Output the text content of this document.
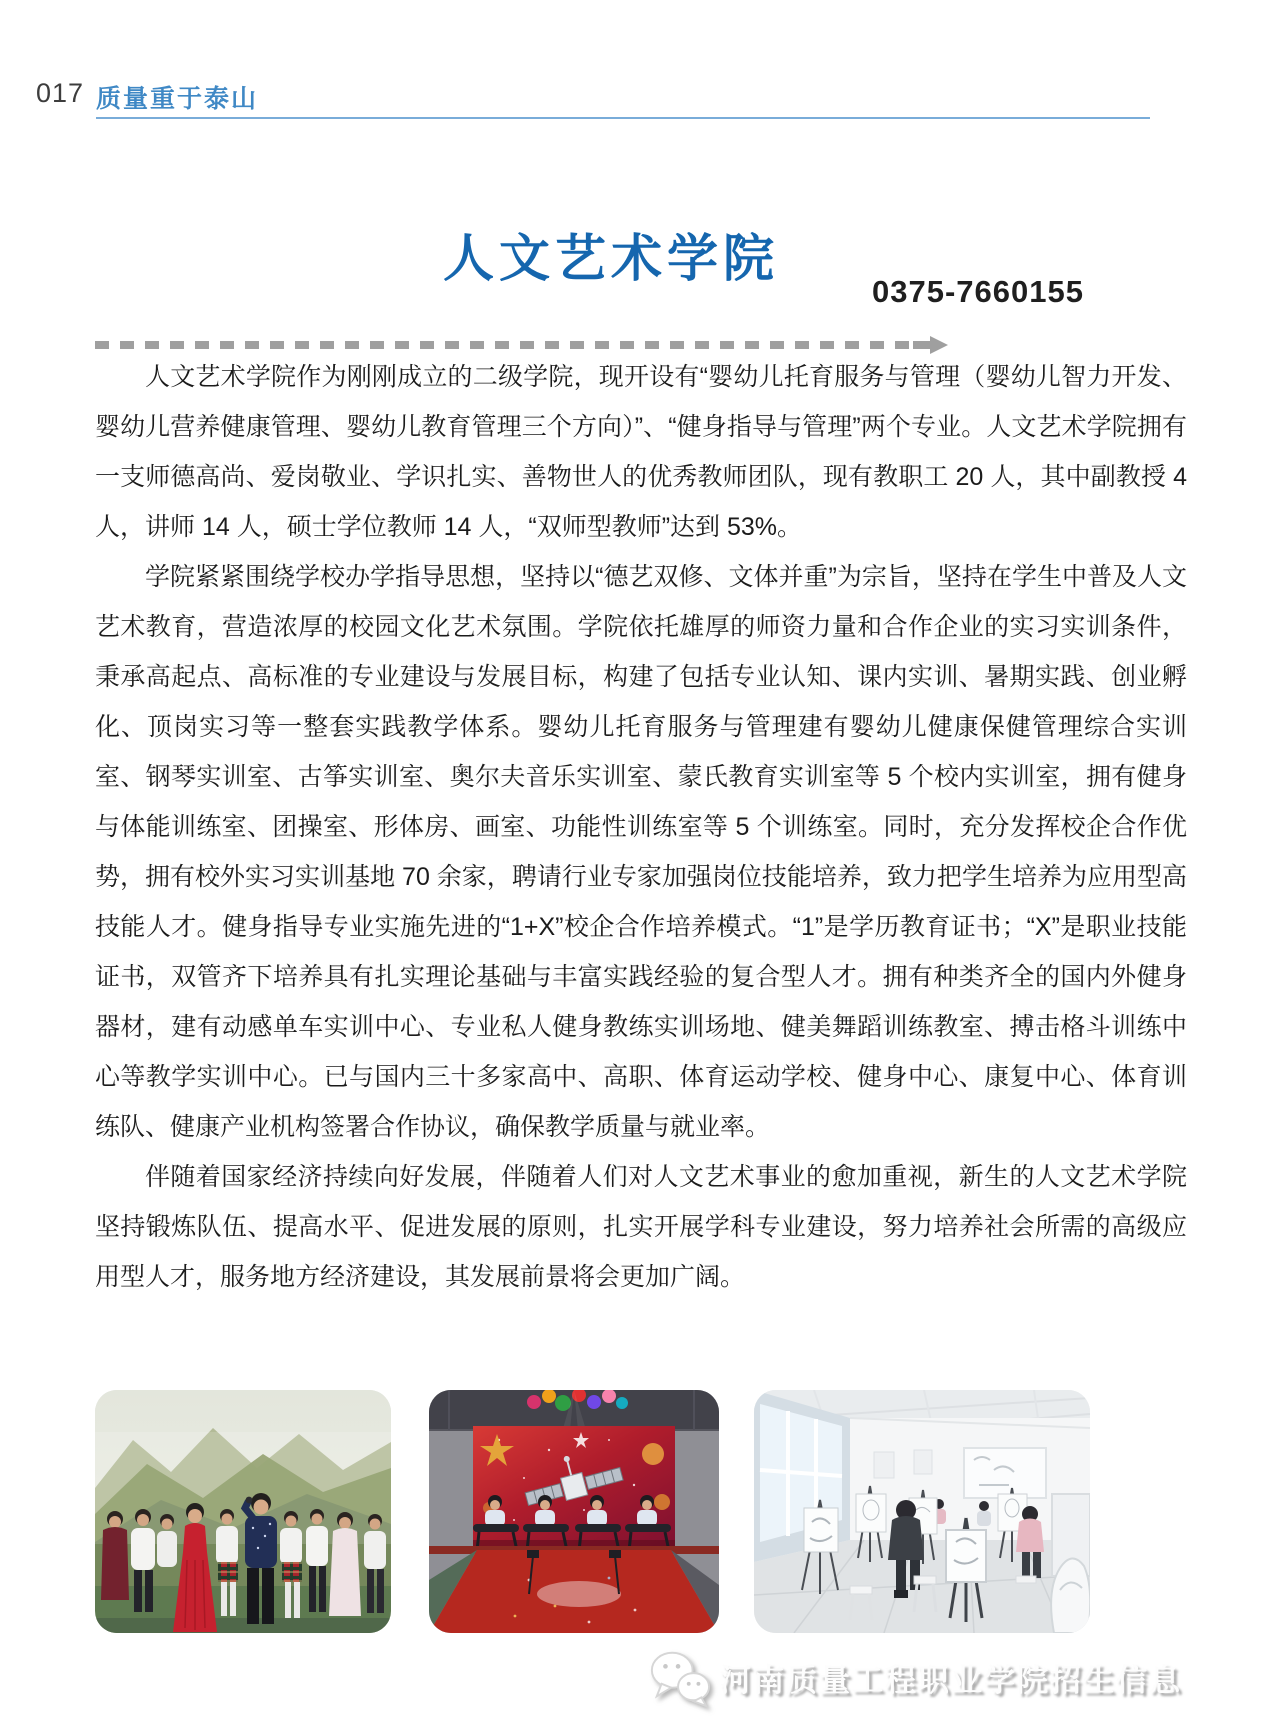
017 质量重于泰山
人文艺术学院
0375-7660155

人文艺术学院作为刚刚成立的二级学院，现开设有“婴幼儿托育服务与管理（婴幼儿智力开发、婴幼儿营养健康管理、婴幼儿教育管理三个方向）”、“健身指导与管理”两个专业。人文艺术学院拥有一支师德高尚、爱岗敬业、学识扎实、善物世人的优秀教师团队，现有教职工 20 人，其中副教授 4 人，讲师 14 人，硕士学位教师 14 人，“双师型教师”达到 53%。

学院紧紧围绕学校办学指导思想，坚持以“德艺双修、文体并重”为宗旨，坚持在学生中普及人文艺术教育，营造浓厚的校园文化艺术氛围。学院依托雄厚的师资力量和合作企业的实习实训条件，秉承高起点、高标准的专业建设与发展目标，构建了包括专业认知、课内实训、暑期实践、创业孵化、顶岗实习等一整套实践教学体系。婴幼儿托育服务与管理建有婴幼儿健康保健管理综合实训室、钢琴实训室、古筝实训室、奥尔夫音乐实训室、蒙氏教育实训室等 5 个校内实训室，拥有健身与体能训练室、团操室、形体房、画室、功能性训练室等 5 个训练室。同时，充分发挥校企合作优势，拥有校外实习实训基地 70 余家，聘请行业专家加强岗位技能培养，致力把学生培养为应用型高技能人才。健身指导专业实施先进的“1+X”校企合作培养模式。“1”是学历教育证书；“X”是职业技能证书，双管齐下培养具有扎实理论基础与丰富实践经验的复合型人才。拥有种类齐全的国内外健身器材，建有动感单车实训中心、专业私人健身教练实训场地、健美舞蹈训练教室、搏击格斗训练中心等教学实训中心。已与国内三十多家高中、高职、体育运动学校、健身中心、康复中心、体育训练队、健康产业机构签署合作协议，确保教学质量与就业率。

伴随着国家经济持续向好发展，伴随着人们对人文艺术事业的愈加重视，新生的人文艺术学院坚持锻炼队伍、提高水平、促进发展的原则，扎实开展学科专业建设，努力培养社会所需的高级应用型人才，服务地方经济建设，其发展前景将会更加广阔。

河南质量工程职业学院招生信息
